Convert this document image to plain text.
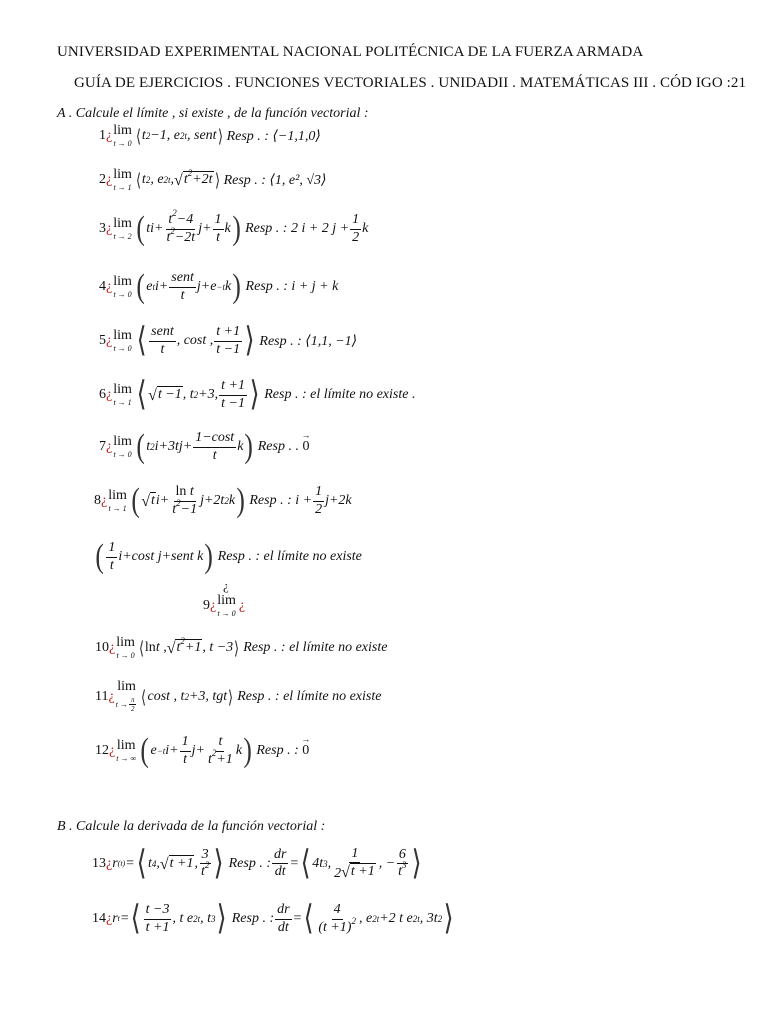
UNIVERSIDAD EXPERIMENTAL NACIONAL POLITÉCNICA DE LA FUERZA ARMADA
GUÍA DE EJERCICIOS . FUNCIONES VECTORIALES . UNIDADII . MATEMÁTICAS III . CÓD IGO :21
A . Calcule el límite , si existe , de la función vectorial :
1 ¿ lim
t → 0 ⟨ t 2 −1, e 2t , sent ⟩ Resp . : ⟨−1,1,0⟩
2 ¿ lim
t → 1 ⟨ t 2 , e 2t , √ $t^2+2t$ ⟩ Resp . : ⟨1, e², √3⟩
3 ¿ lim
t → 2 ( $ti+ \frac{t^2-4}{t^2-2t} j+ \frac{1}{t}$ k ) Resp . : 2 i + 2 $j + \frac{1}{2}$ k
4 ¿ lim
t → 0 ( e t $i+ \frac{\text{sent}}{t} j+e -t$ k ) Resp . : i + j + k
5 ¿ lim
t → 0 ⟨ $\frac{\text{sent}}{t}$ , cost , $\frac{t +1}{t -1}$ ⟩ Resp . : ⟨1,1, −1⟩
6 ¿ lim
t → 1 ⟨ √ t −1 , t 2 +3, $\frac{t +1}{t -1}$ ⟩ Resp . : el límite no existe .
7 ¿ lim
t → 0 ( t 2 $i+3tj+ \frac{1-\cos t}{t}$ k ) Resp . . → 0
8 ¿ lim
t → 1 ( √ t $i+ \frac{\text{ln t}}{t^2-1} j+2t$ 2 k ) Resp . : $i + \frac{1}{2} j+2k$
( $\frac{1}{t} i+\cos t$ j+sent k ) Resp . : el límite no existe
¿
9 ¿ lim
t → 0
¿
10 ¿ lim
t → 0 ⟨ ln t , √ $t^2+1$ , t −3 ⟩ Resp . : el límite no existe
11 ¿
lim
$t \to \frac{\pi}{2}$ ⟨ cost , t 2 +3, tgt ⟩ Resp . : el límite no existe
12 ¿ lim
t → ∞ ( e −t $i+ \frac{1}{t} j+ \frac{t}{t^2+1}$ k ) Resp . : → 0
B . Calcule la derivada de la función vectorial :
13 ¿ r (t) = ⟨ t 4 , √ t +1 , $\frac{3}{t^2}$ ⟩ Resp . : $\frac{dr}{dt}$ = ⟨ 4t 3 , $\frac{1}{2 √ t +1}$ , − $\frac{6}{t^3}$ ⟩
14 ¿ r t = ⟨ $\frac{t -3}{t +1}$ , t e 2t , t 3 ⟩ Resp . : $\frac{dr}{dt}$ = ⟨ $\frac{4}{(t +1)^2}$ , e 2t +2 t e 2t , 3t 2 ⟩
